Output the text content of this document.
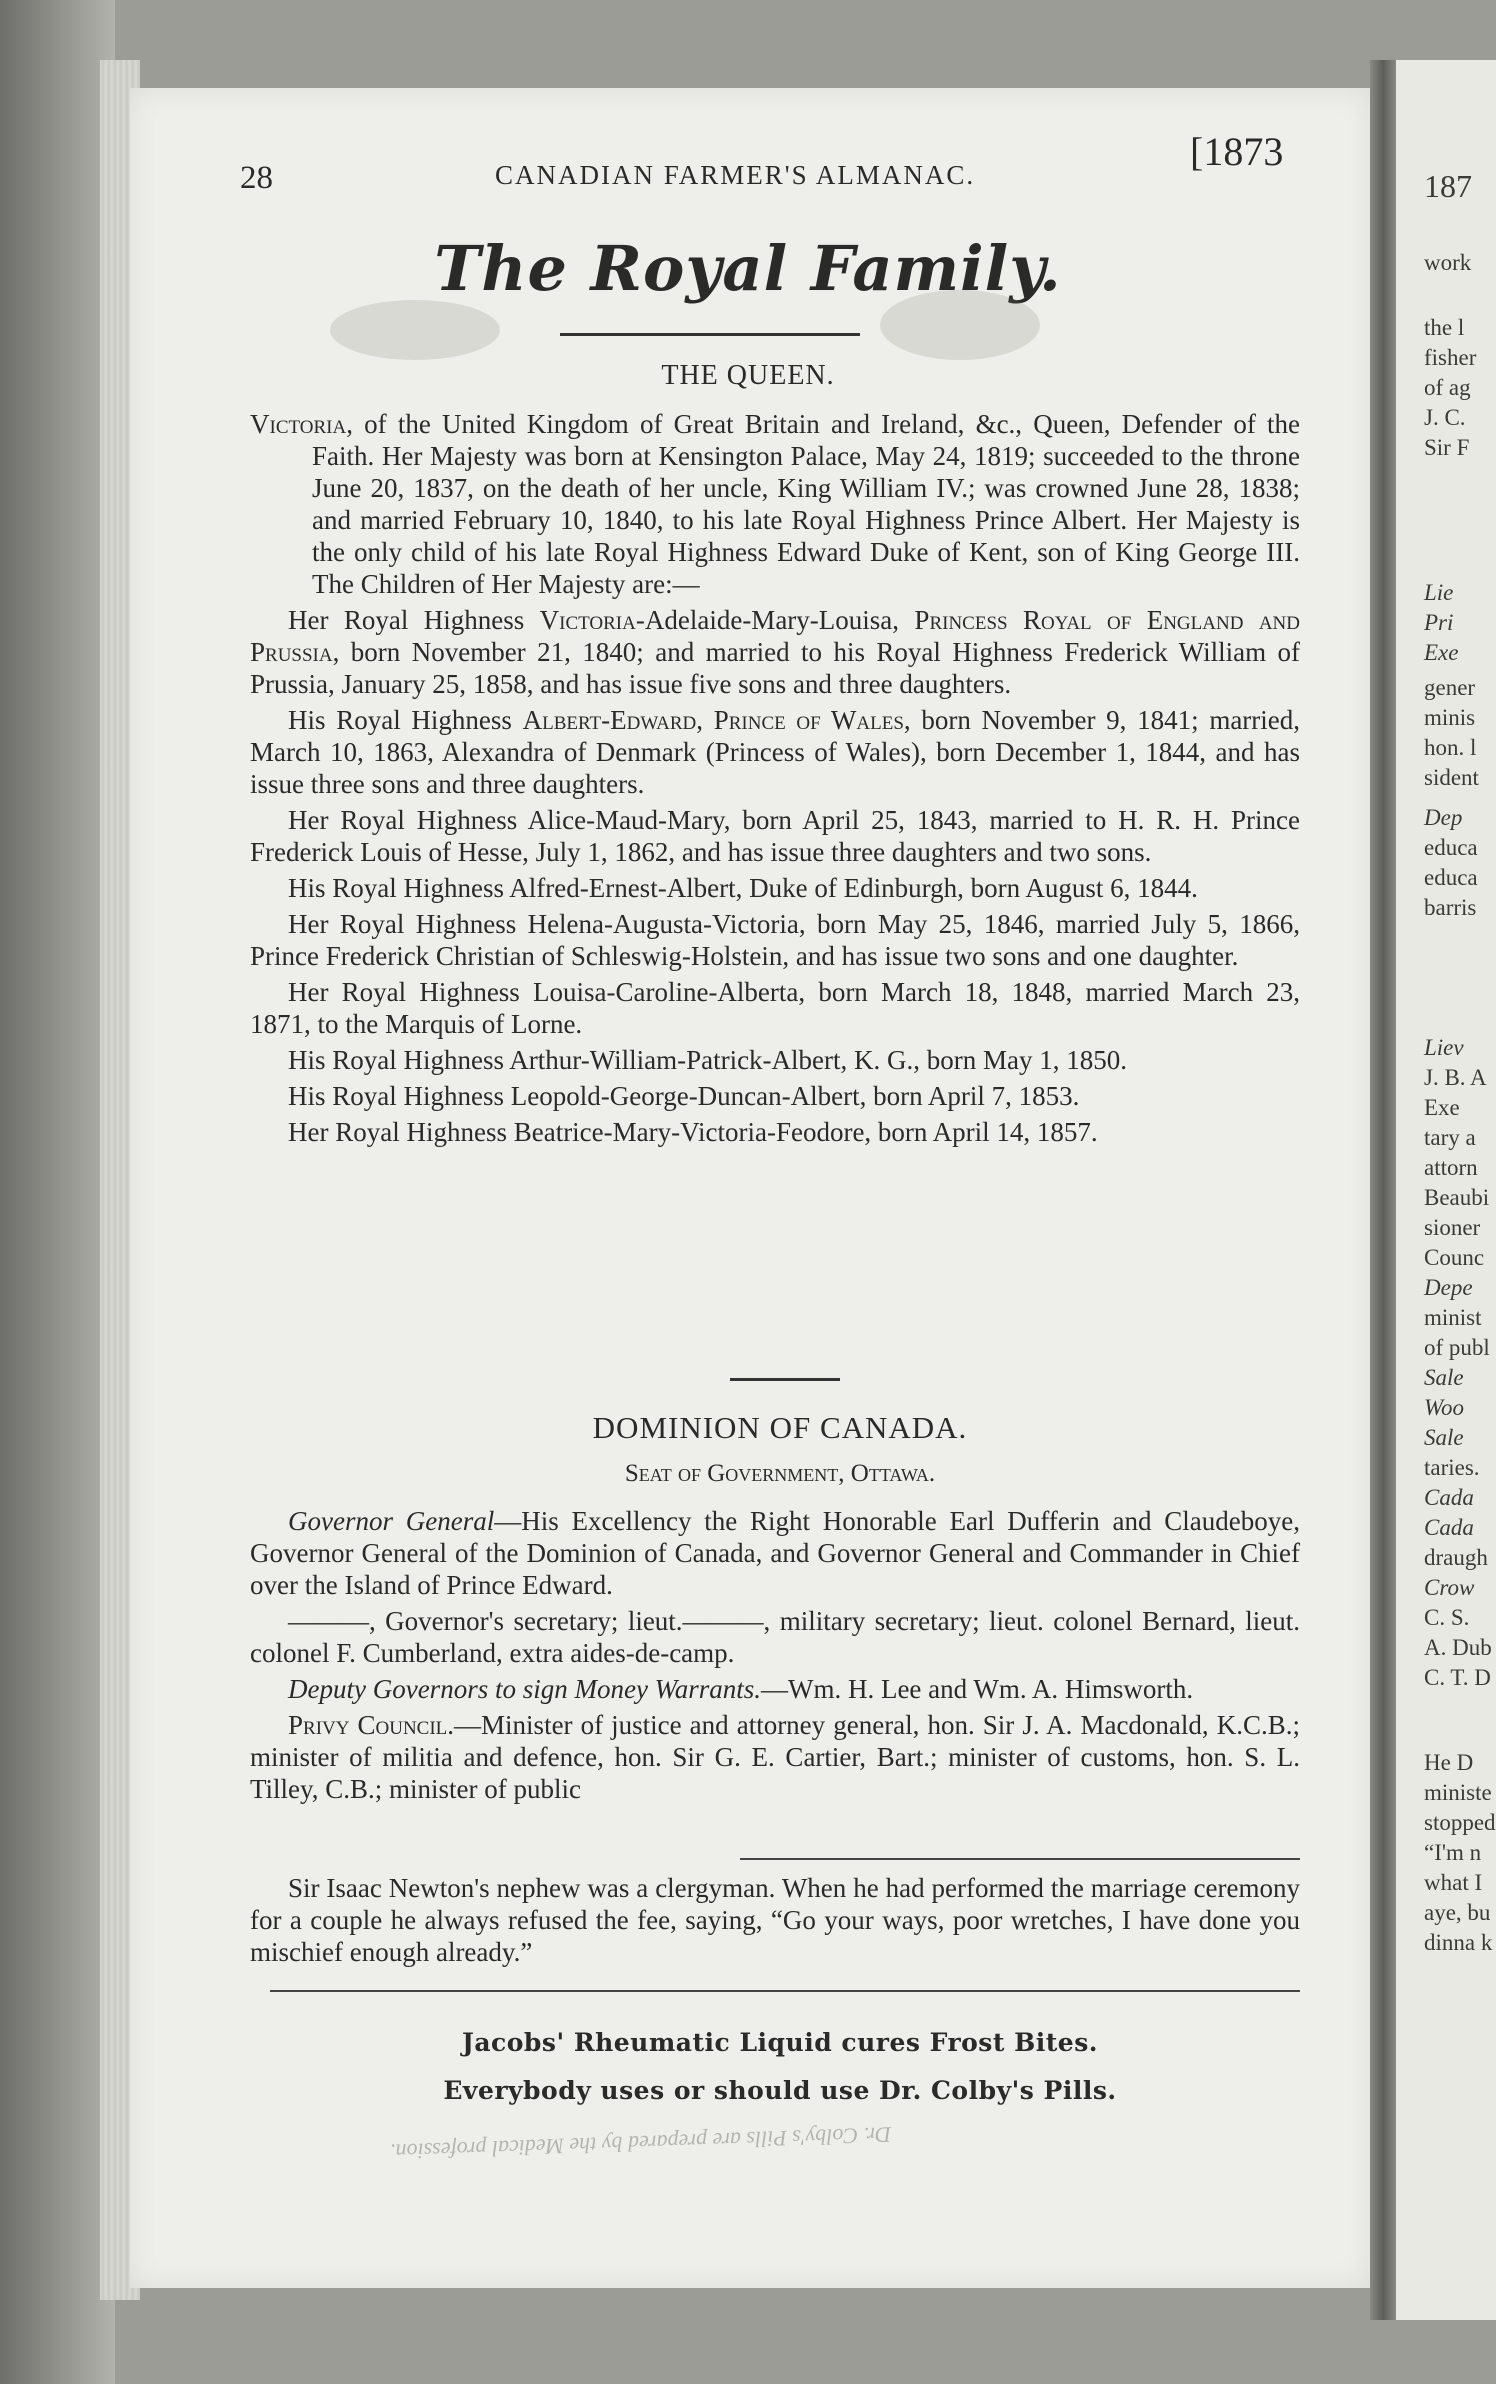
187
work
the l
fisher
of ag
J. C.
Sir F
Lie
Pri
Exe
gener
minis
hon. l
sident
Dep
educa
educa
barris
Liev
J. B. A
Exe
tary a
attorn
Beaubi
sioner
Counc
Depe
minist
of publ
Sale
Woo
Sale
taries.
Cada
Cada
draugh
Crow
C. S.
A. Dub
C. T. D
He D
ministe
stopped
“I'm n
what I
aye, bu
dinna k
28	CANADIAN FARMER'S ALMANAC.
[1873
The Royal Family.
THE QUEEN.

Victoria, of the United Kingdom of Great Britain and Ireland, &c., Queen, Defender of the Faith. Her Majesty was born at Kensington Palace, May 24, 1819; succeeded to the throne June 20, 1837, on the death of her uncle, King William IV.; was crowned June 28, 1838; and married February 10, 1840, to his late Royal Highness Prince Albert. Her Majesty is the only child of his late Royal Highness Edward Duke of Kent, son of King George III. The Children of Her Majesty are:—

Her Royal Highness Victoria-Adelaide-Mary-Louisa, Princess Royal of England and Prussia, born November 21, 1840; and married to his Royal Highness Frederick William of Prussia, January 25, 1858, and has issue five sons and three daughters.

His Royal Highness Albert-Edward, Prince of Wales, born November 9, 1841; married, March 10, 1863, Alexandra of Denmark (Princess of Wales), born December 1, 1844, and has issue three sons and three daughters.

Her Royal Highness Alice-Maud-Mary, born April 25, 1843, married to H. R. H. Prince Frederick Louis of Hesse, July 1, 1862, and has issue three daughters and two sons.

His Royal Highness Alfred-Ernest-Albert, Duke of Edinburgh, born August 6, 1844.

Her Royal Highness Helena-Augusta-Victoria, born May 25, 1846, married July 5, 1866, Prince Frederick Christian of Schleswig-Holstein, and has issue two sons and one daughter.

Her Royal Highness Louisa-Caroline-Alberta, born March 18, 1848, married March 23, 1871, to the Marquis of Lorne.

His Royal Highness Arthur-William-Patrick-Albert, K. G., born May 1, 1850.

His Royal Highness Leopold-George-Duncan-Albert, born April 7, 1853.

Her Royal Highness Beatrice-Mary-Victoria-Feodore, born April 14, 1857.

DOMINION OF CANADA.
Seat of Government, Ottawa.

Governor General—His Excellency the Right Honorable Earl Dufferin and Claudeboye, Governor General of the Dominion of Canada, and Governor General and Commander in Chief over the Island of Prince Edward.

———, Governor's secretary; lieut.———, military secretary; lieut. colonel Bernard, lieut. colonel F. Cumberland, extra aides-de-camp.

Deputy Governors to sign Money Warrants.—Wm. H. Lee and Wm. A. Himsworth.

Privy Council.—Minister of justice and attorney general, hon. Sir J. A. Macdonald, K.C.B.; minister of militia and defence, hon. Sir G. E. Cartier, Bart.; minister of customs, hon. S. L. Tilley, C.B.; minister of public

Sir Isaac Newton's nephew was a clergyman. When he had performed the marriage ceremony for a couple he always refused the fee, saying, “Go your ways, poor wretches, I have done you mischief enough already.”

Jacobs' Rheumatic Liquid cures Frost Bites.
Everybody uses or should use Dr. Colby's Pills.
Dr. Colby's Pills are prepared by the Medical profession.
